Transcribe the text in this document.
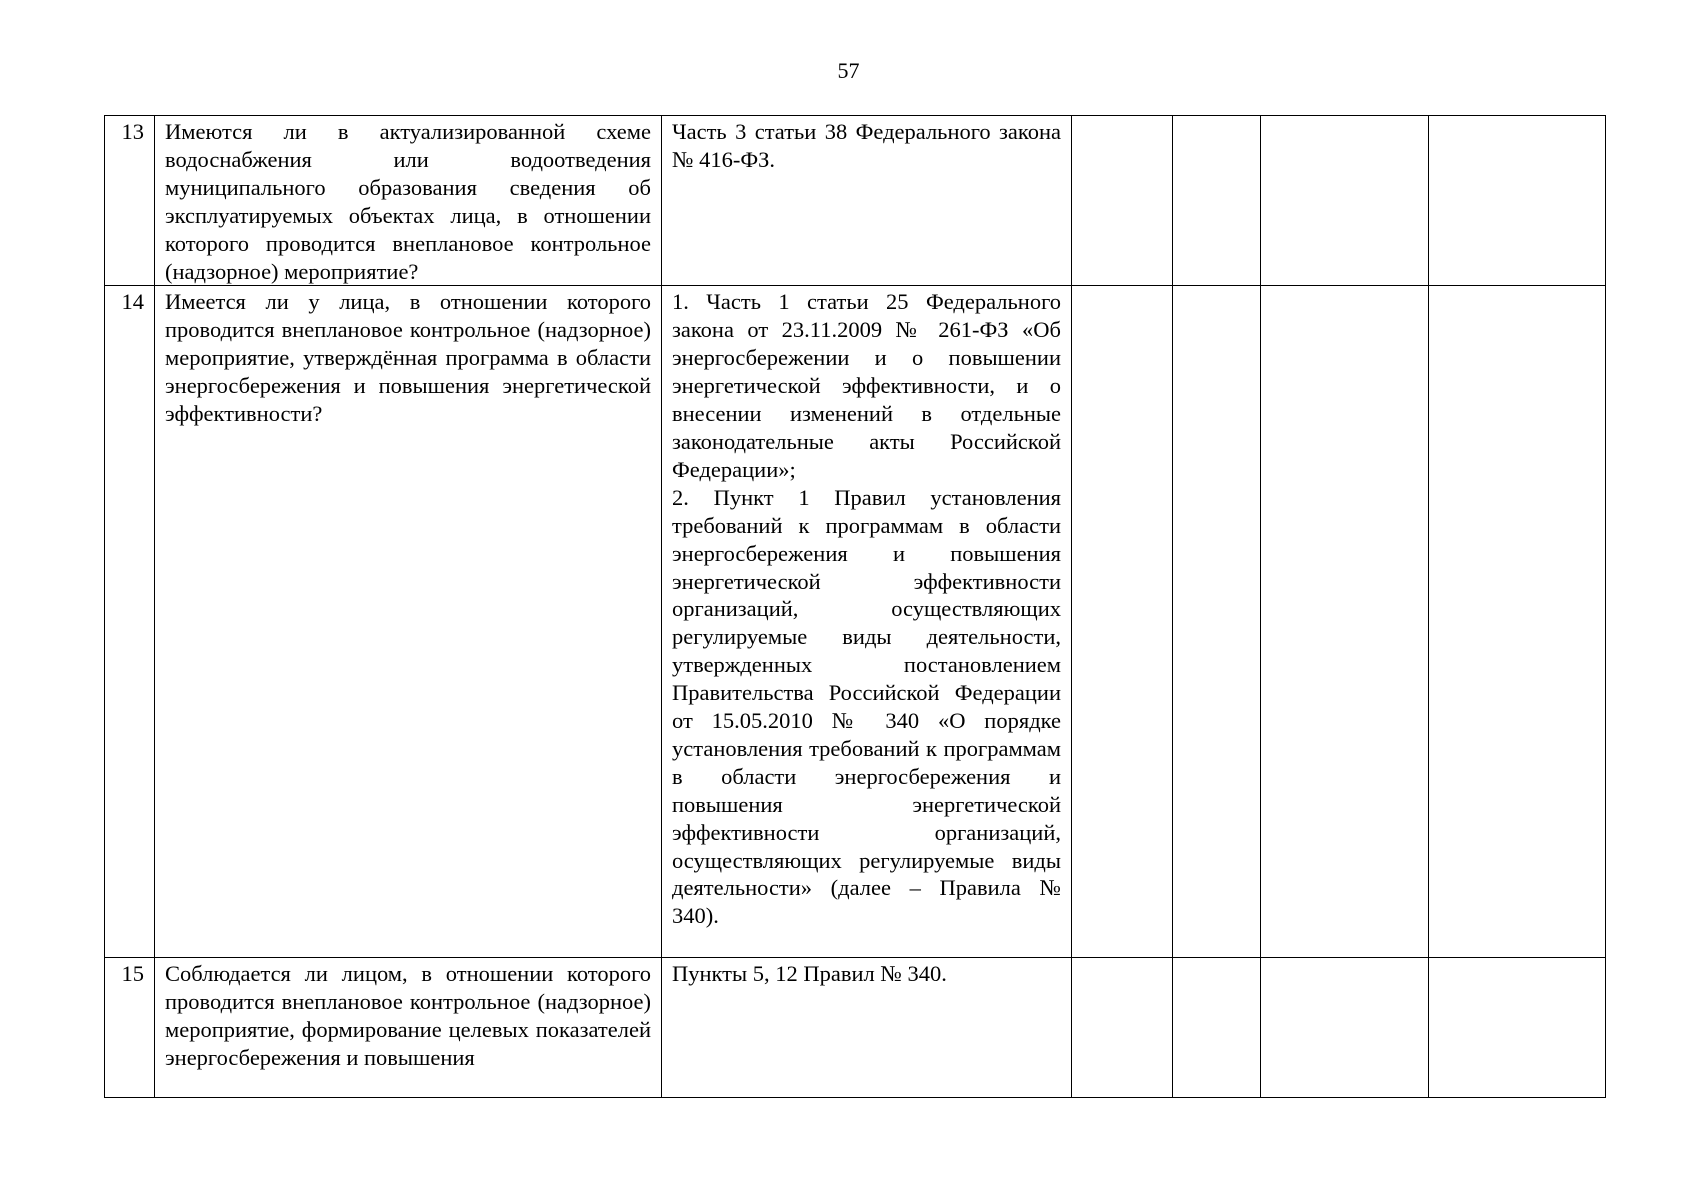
57
13	Имеются ли в актуализированной схеме водоснабжения или водоотведения муниципального образования сведения об эксплуатируемых объектах лица, в отношении которого проводится внеплановое контрольное (надзорное) мероприятие?	Часть 3 статьи 38 Федерального закона № 416-ФЗ.				

14	Имеется ли у лица, в отношении которого проводится внеплановое контрольное (надзорное) мероприятие, утверждённая программа в области энергосбережения и повышения энергетической эффективности?	1. Часть 1 статьи 25 Федерального закона от 23.11.2009 № 261-ФЗ «Об энергосбережении и о повышении энергетической эффективности, и о внесении изменений в отдельные законодательные акты Российской Федерации»;
2. Пункт 1 Правил установления требований к программам в области энергосбережения и повышения энергетической эффективности организаций, осуществляющих регулируемые виды деятельности, утвержденных постановлением Правительства Российской Федерации от 15.05.2010 № 340 «О порядке установления требований к программам в области энергосбережения и повышения энергетической эффективности организаций, осуществляющих регулируемые виды деятельности» (далее – Правила № 340).				

15	Соблюдается ли лицом, в отношении которого проводится внеплановое контрольное (надзорное) мероприятие, формирование целевых показателей энергосбережения и повышения	Пункты 5, 12 Правил № 340.				
